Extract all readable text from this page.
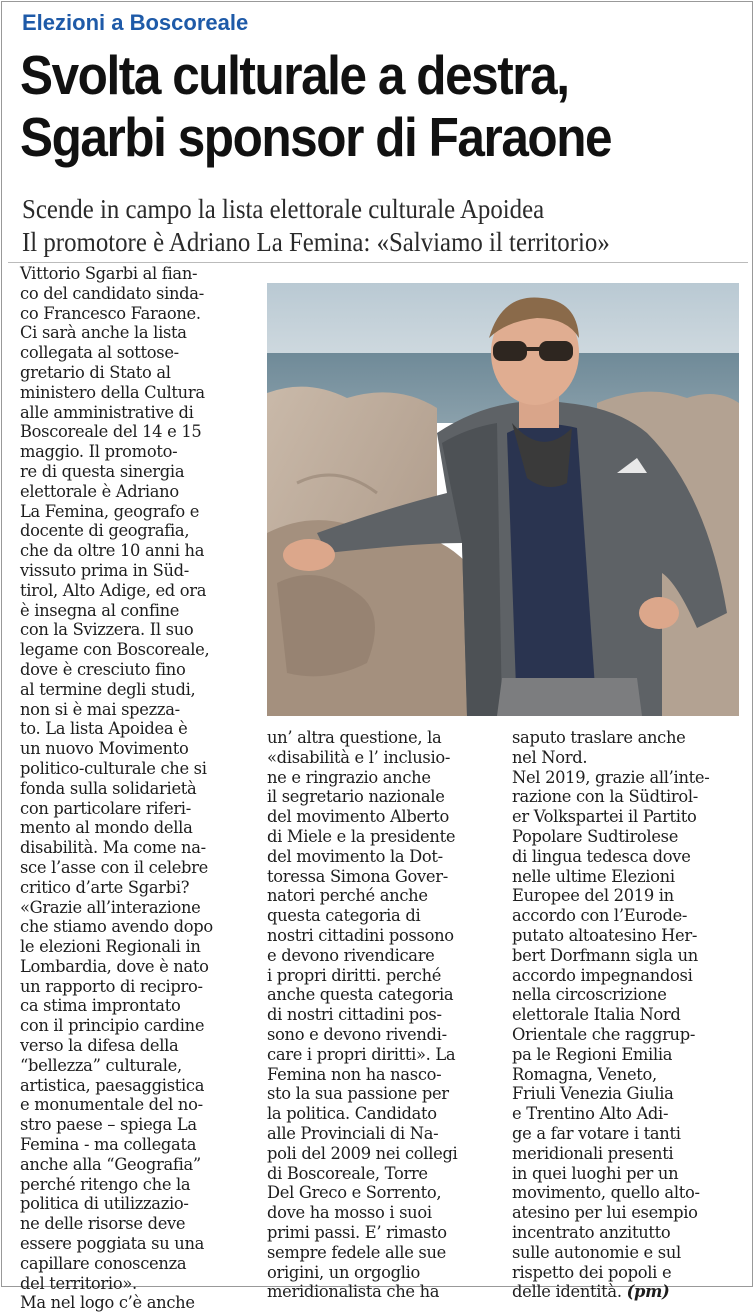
Elezioni a Boscoreale
Svolta culturale a destra,
Sgarbi sponsor di Faraone
Scende in campo la lista elettorale culturale Apoidea
Il promotore è Adriano La Femina: «Salviamo il territorio»
Vittorio Sgarbi al fian-
co del candidato sinda-
co Francesco Faraone.
Ci sarà anche la lista
collegata al sottose-
gretario di Stato al
ministero della Cultura
alle amministrative di
Boscoreale del 14 e 15
maggio. Il promoto-
re di questa sinergia
elettorale è Adriano
La Femina, geografo e
docente di geografia,
che da oltre 10 anni ha
vissuto prima in Süd-
tirol, Alto Adige, ed ora
è insegna al confine
con la Svizzera. Il suo
legame con Boscoreale,
dove è cresciuto fino
al termine degli studi,
non si è mai spezza-
to. La lista Apoidea è
un nuovo Movimento
politico-culturale che si
fonda sulla solidarietà
con particolare riferi-
mento al mondo della
disabilità. Ma come na-
sce l’asse con il celebre
critico d’arte Sgarbi?
«Grazie all’interazione
che stiamo avendo dopo
le elezioni Regionali in
Lombardia, dove è nato
un rapporto di recipro-
ca stima improntato
con il principio cardine
verso la difesa della
“bellezza” culturale,
artistica, paesaggistica
e monumentale del no-
stro paese – spiega La
Femina - ma collegata
anche alla “Geografia”
perché ritengo che la
politica di utilizzazio-
ne delle risorse deve
essere poggiata su una
capillare conoscenza
del territorio».
Ma nel logo c’è anche
un’ altra questione, la
«disabilità e l’ inclusio-
ne e ringrazio anche
il segretario nazionale
del movimento Alberto
di Miele e la presidente
del movimento la Dot-
toressa Simona Gover-
natori perché anche
questa categoria di
nostri cittadini possono
e devono rivendicare
i propri diritti. perché
anche questa categoria
di nostri cittadini pos-
sono e devono rivendi-
care i propri diritti». La
Femina non ha nasco-
sto la sua passione per
la politica. Candidato
alle Provinciali di Na-
poli del 2009 nei collegi
di Boscoreale, Torre
Del Greco e Sorrento,
dove ha mosso i suoi
primi passi. E’ rimasto
sempre fedele alle sue
origini, un orgoglio
meridionalista che ha
saputo traslare anche
nel Nord.
Nel 2019, grazie all’inte-
razione con la Südtirol-
er Volkspartei il Partito
Popolare Sudtirolese
di lingua tedesca dove
nelle ultime Elezioni
Europee del 2019 in
accordo con l’Eurode-
putato altoatesino Her-
bert Dorfmann sigla un
accordo impegnandosi
nella circoscrizione
elettorale Italia Nord
Orientale che raggrup-
pa le Regioni Emilia
Romagna, Veneto,
Friuli Venezia Giulia
e Trentino Alto Adi-
ge a far votare i tanti
meridionali presenti
in quei luoghi per un
movimento, quello alto-
atesino per lui esempio
incentrato anzitutto
sulle autonomie e sul
rispetto dei popoli e
delle identità. (pm)
